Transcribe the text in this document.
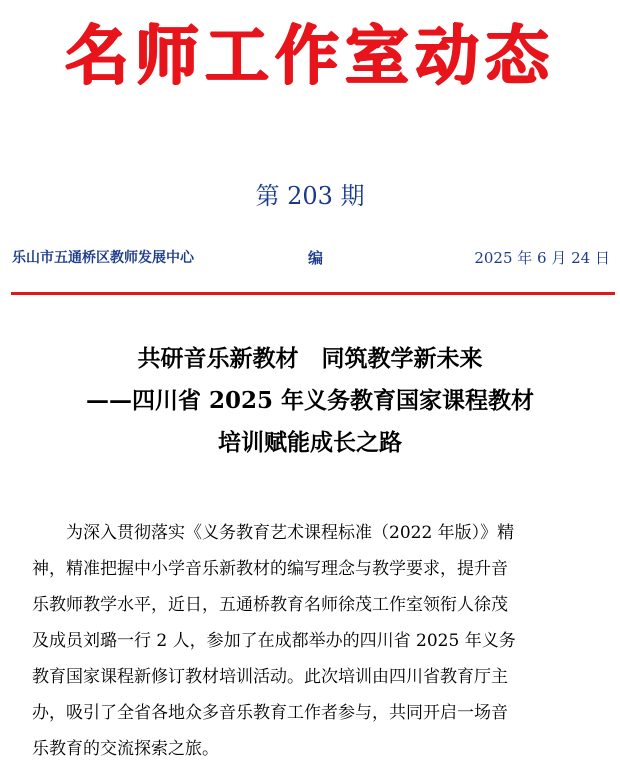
名师工作室动态
第 203 期
乐山市五通桥区教师发展中心	编	2025 年 6 月 24 日
共研音乐新教材　同筑教学新未来
——四川省 2025 年义务教育国家课程教材
培训赋能成长之路
为深入贯彻落实《义务教育艺术课程标准（2022 年版）》精
神，精准把握中小学音乐新教材的编写理念与教学要求，提升音
乐教师教学水平，近日，五通桥教育名师徐茂工作室领衔人徐茂
及成员刘璐一行 2 人，参加了在成都举办的四川省 2025 年义务
教育国家课程新修订教材培训活动。此次培训由四川省教育厅主
办，吸引了全省各地众多音乐教育工作者参与，共同开启一场音
乐教育的交流探索之旅。
